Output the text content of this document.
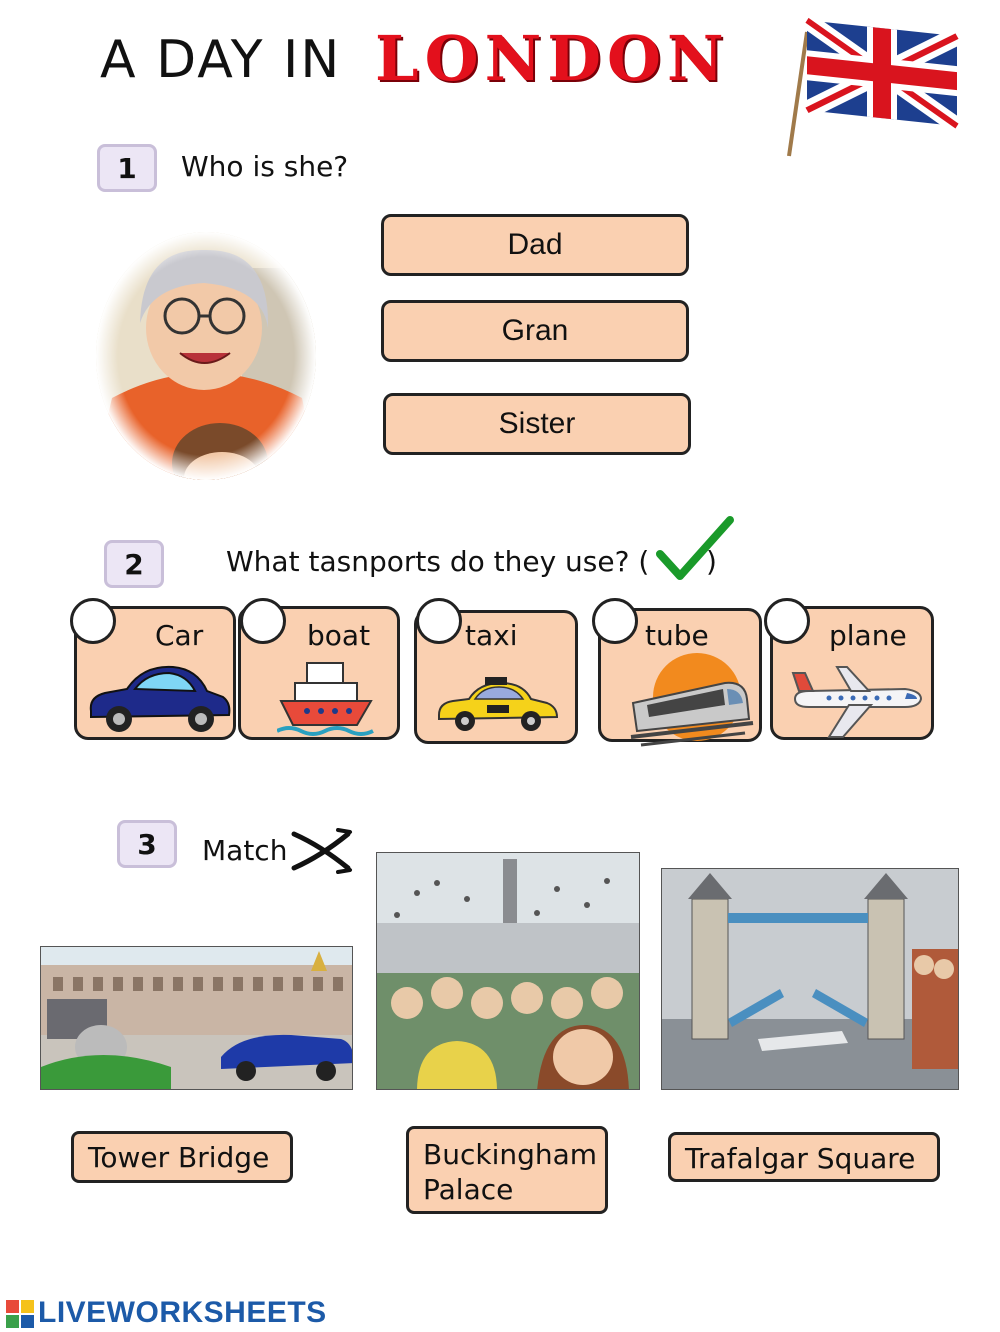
A DAY IN LONDON
1	Who is she?
Dad
Gran
Sister
2	What tasnports do they use? ( )
Car	boat	taxi	tube	plane
3	Match
Tower Bridge	Buckingham
Palace
Trafalgar Square
LIVEWORKSHEETS
